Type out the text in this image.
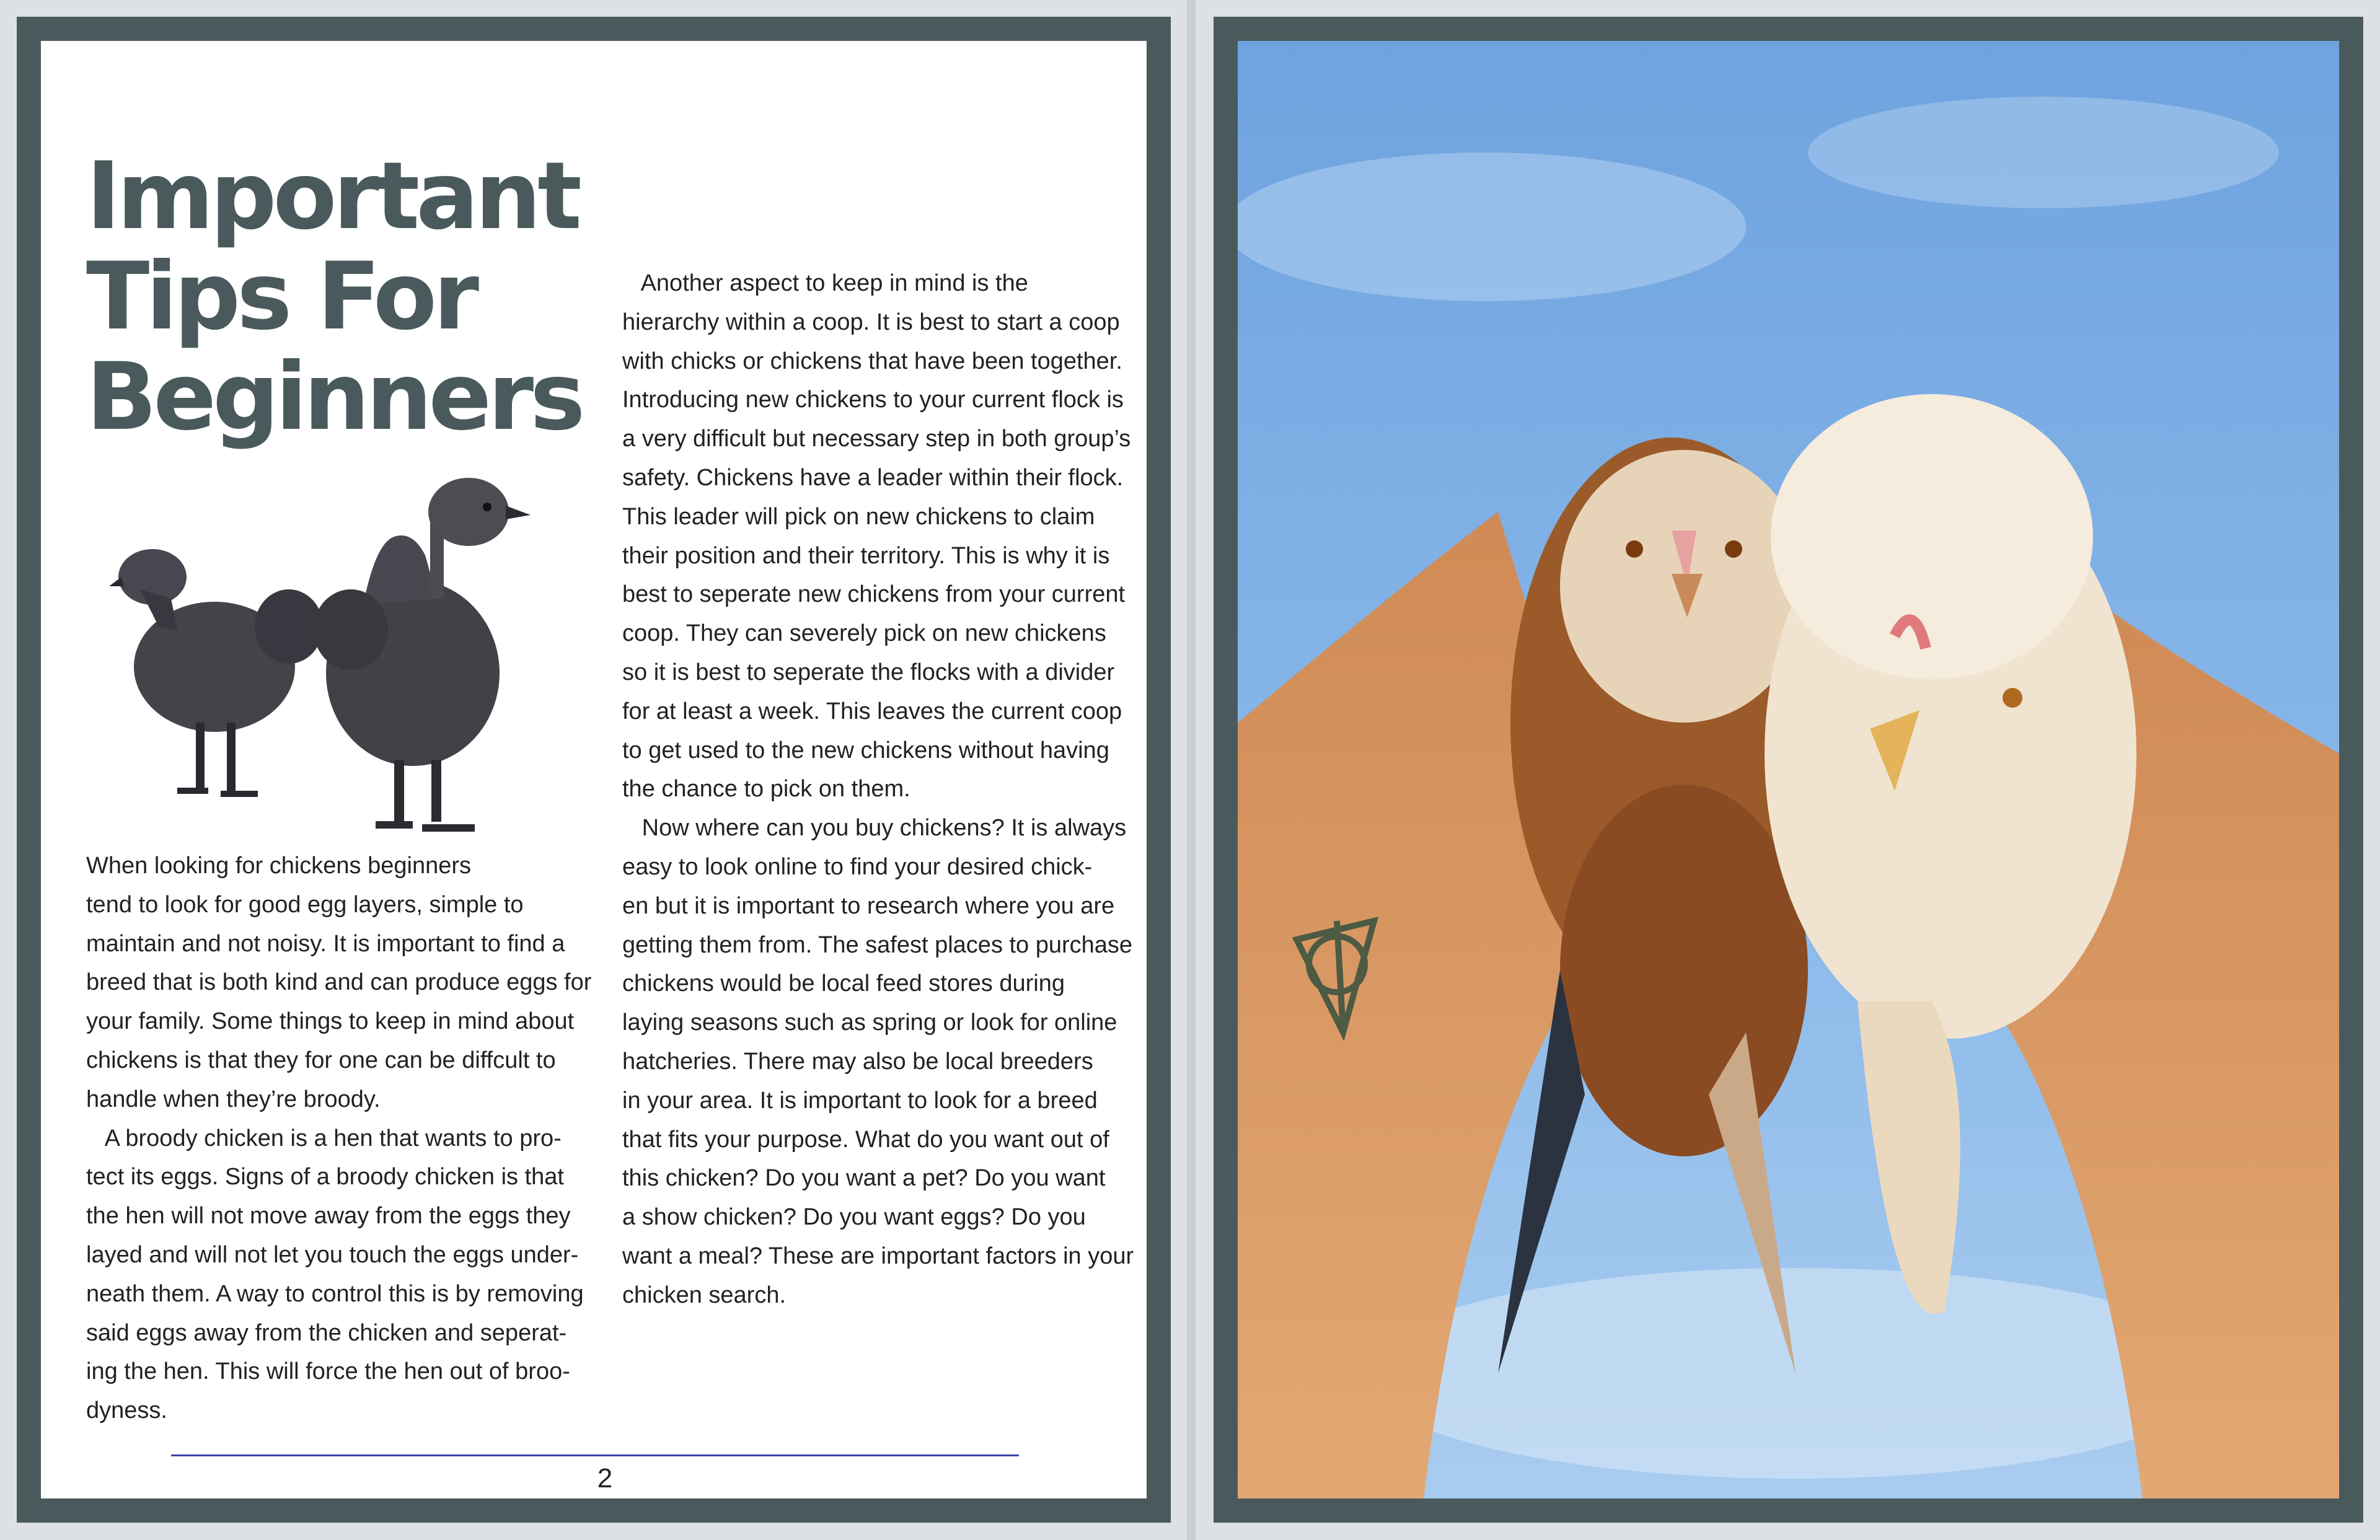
Important
Tips For
Beginners

When looking for chickens beginners

tend to look for good egg layers, simple to

maintain and not noisy. It is important to find a

breed that is both kind and can produce eggs for

your family. Some things to keep in mind about

chickens is that they for one can be diffcult to

handle when they’re broody.

A broody chicken is a hen that wants to pro-

tect its eggs. Signs of a broody chicken is that

the hen will not move away from the eggs they

layed and will not let you touch the eggs under-

neath them. A way to control this is by removing

said eggs away from the chicken and seperat-

ing the hen. This will force the hen out of broo-

dyness.

Another aspect to keep in mind is the

hierarchy within a coop. It is best to start a coop

with chicks or chickens that have been together.

Introducing new chickens to your current flock is

a very difficult but necessary step in both group’s

safety. Chickens have a leader within their flock.

This leader will pick on new chickens to claim

their position and their territory. This is why it is

best to seperate new chickens from your current

coop. They can severely pick on new chickens

so it is best to seperate the flocks with a divider

for at least a week. This leaves the current coop

to get used to the new chickens without having

the chance to pick on them.

Now where can you buy chickens? It is always

easy to look online to find your desired chick-

en but it is important to research where you are

getting them from. The safest places to purchase

chickens would be local feed stores during

laying seasons such as spring or look for online

hatcheries. There may also be local breeders

in your area. It is important to look for a breed

that fits your purpose. What do you want out of

this chicken? Do you want a pet? Do you want

a show chicken? Do you want eggs? Do you

want a meal? These are important factors in your

chicken search.

2
